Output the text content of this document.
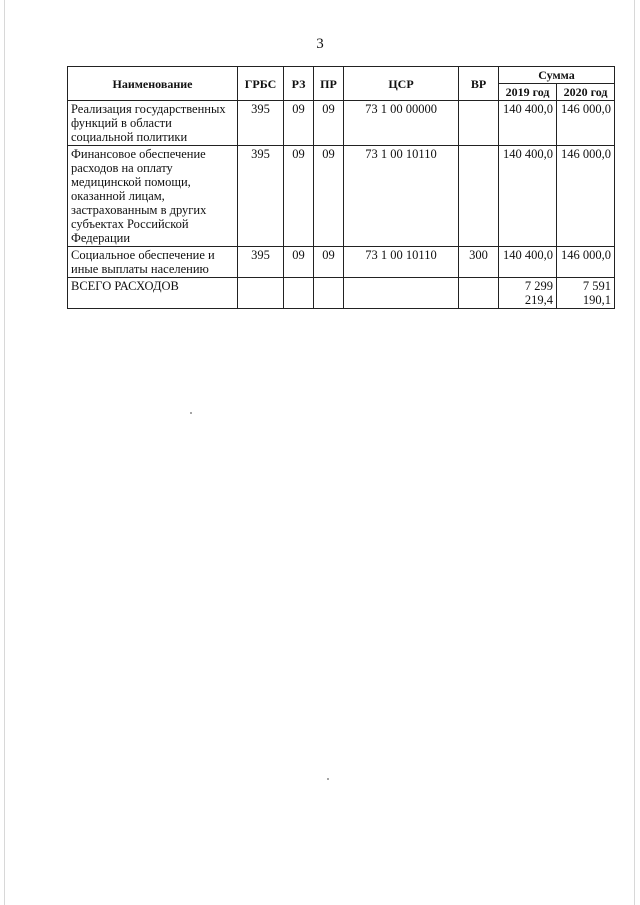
3
Наименование	ГРБС	РЗ	ПР	ЦСР	ВР	Сумма	
						2019 год	2020 год
Реализация государственных функций в области социальной политики	395	09	09	73 1 00 00000		140 400,0	146 000,0
Финансовое обеспечение расходов на оплату медицинской помощи, оказанной лицам, застрахованным в других субъектах Российской Федерации	395	09	09	73 1 00 10110		140 400,0	146 000,0
Социальное обеспечение и иные выплаты населению	395	09	09	73 1 00 10110	300	140 400,0	146 000,0
ВСЕГО РАСХОДОВ						7 299 219,4	7 591 190,1
